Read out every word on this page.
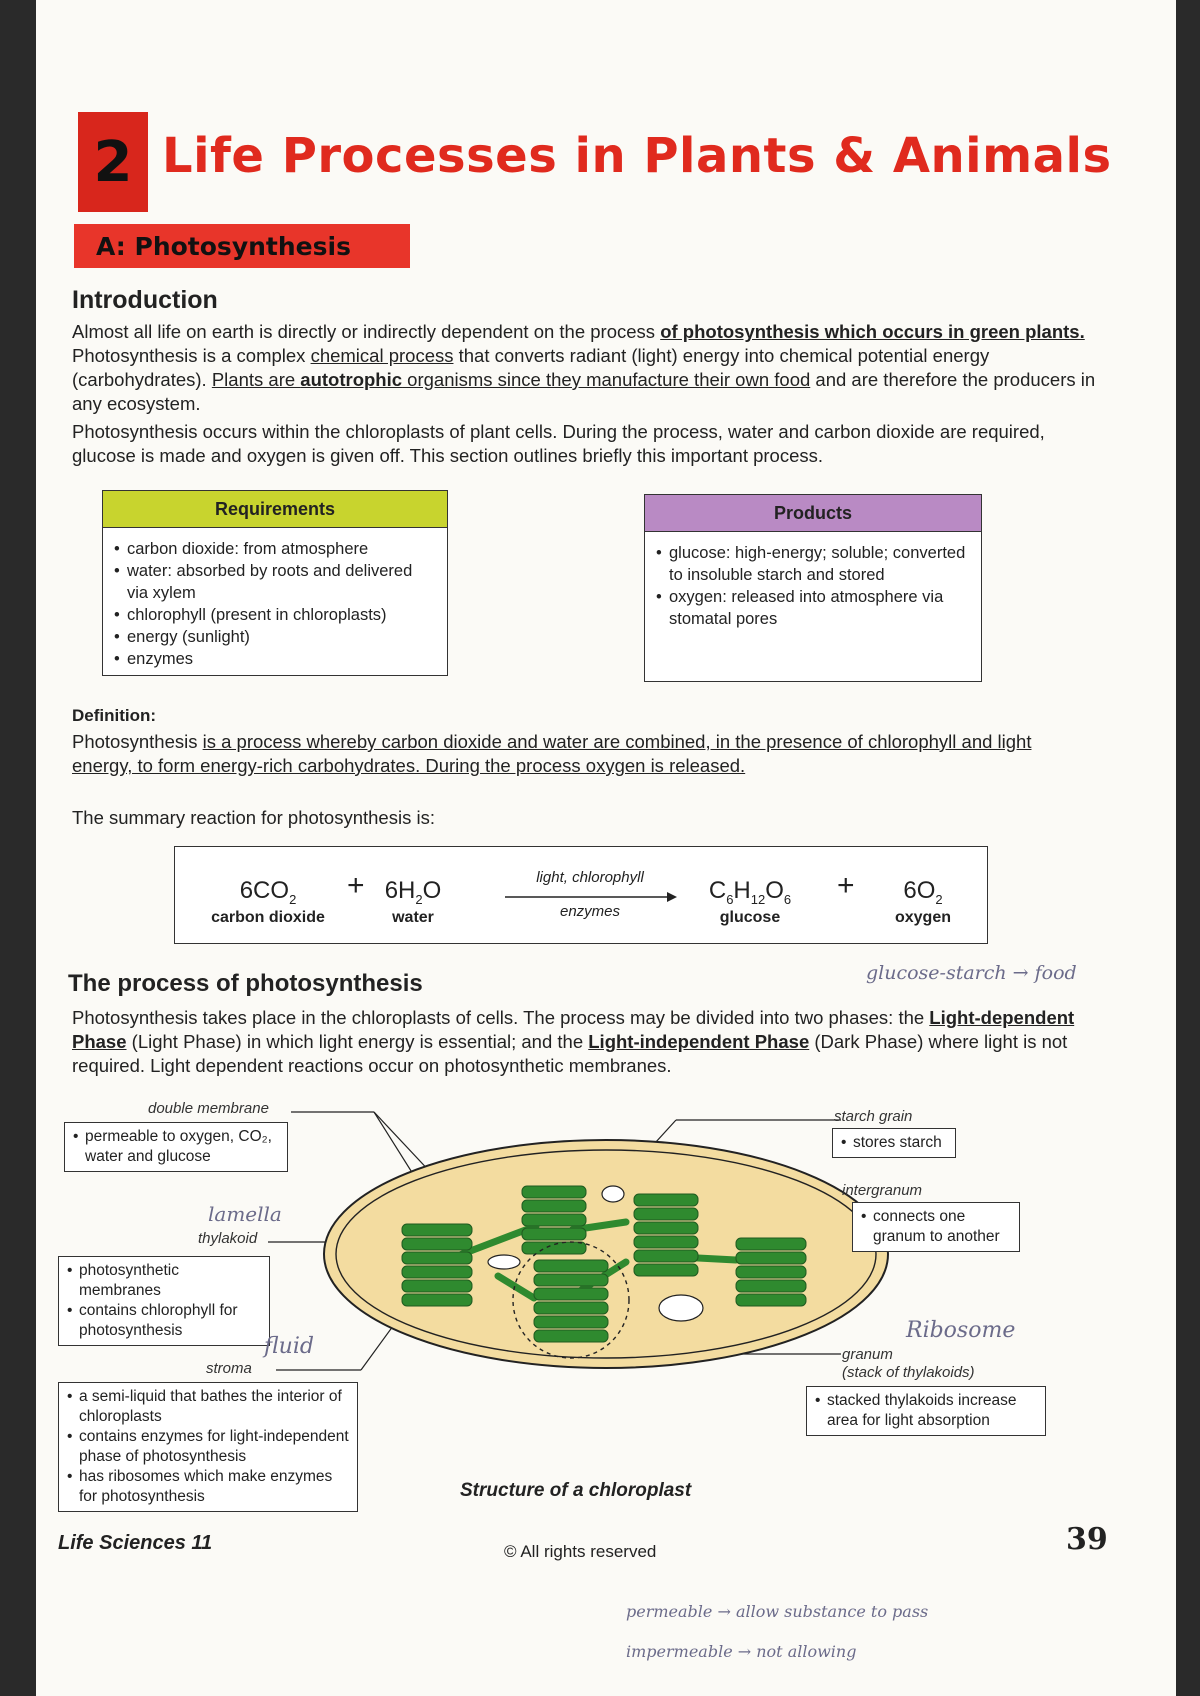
2 Life Processes in Plants & Animals
A: Photosynthesis
Introduction
Almost all life on earth is directly or indirectly dependent on the process of photosynthesis which occurs in green plants. Photosynthesis is a complex chemical process that converts radiant (light) energy into chemical potential energy (carbohydrates). Plants are autotrophic organisms since they manufacture their own food and are therefore the producers in any ecosystem.
Photosynthesis occurs within the chloroplasts of plant cells. During the process, water and carbon dioxide are required, glucose is made and oxygen is given off. This section outlines briefly this important process.
Requirements
• carbon dioxide: from atmosphere
• water: absorbed by roots and delivered via xylem
• chlorophyll (present in chloroplasts)
• energy (sunlight)
• enzymes
Products
• glucose: high-energy; soluble; converted to insoluble starch and stored
• oxygen: released into atmosphere via stomatal pores
Definition:
Photosynthesis is a process whereby carbon dioxide and water are combined, in the presence of chlorophyll and light energy, to form energy-rich carbohydrates. During the process oxygen is released.
The summary reaction for photosynthesis is:
$6CO_2$
carbon dioxide
+ $6H_2O$
water
light, chlorophyll
enzymes
$C_6H_{12}O_6$
glucose
+	$6O_2$
oxygen
glucose-starch → food
The process of photosynthesis
Photosynthesis takes place in the chloroplasts of cells. The process may be divided into two phases: the Light-dependent Phase (Light Phase) in which light energy is essential; and the Light-independent Phase (Dark Phase) where light is not required. Light dependent reactions occur on photosynthetic membranes.
double membrane
• permeable to oxygen, CO₂, water and glucose
lamella
thylakoid
• photosynthetic membranes
• contains chlorophyll for photosynthesis
fluid
stroma
• a semi-liquid that bathes the interior of chloroplasts
• contains enzymes for light-independent phase of photosynthesis
• has ribosomes which make enzymes for photosynthesis
starch grain
• stores starch
intergranum
• connects one granum to another
Ribosome
granum
(stack of thylakoids)
• stacked thylakoids increase area for light absorption
Structure of a chloroplast
Life Sciences 11	© All rights reserved	39
permeable → allow substance to pass
impermeable → not allowing
